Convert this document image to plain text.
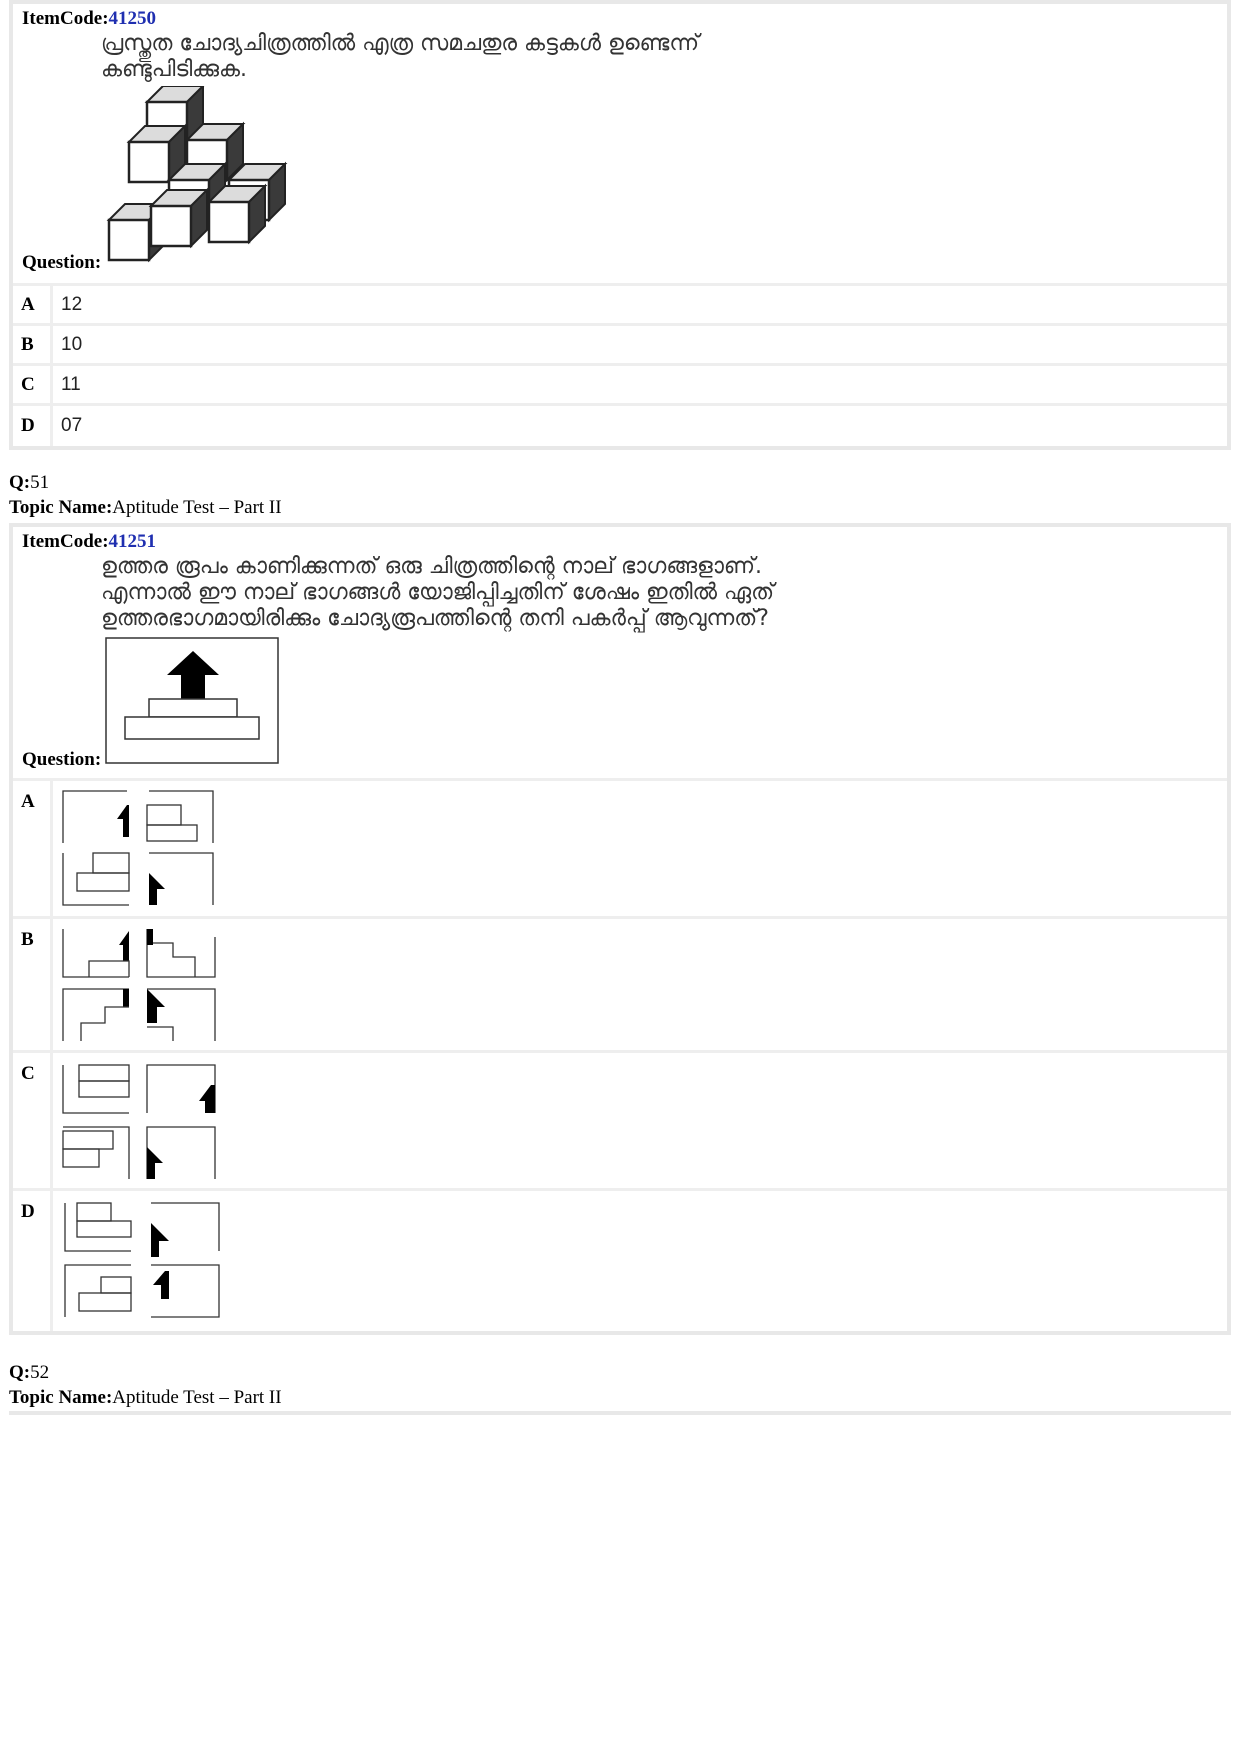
ItemCode:41250
പ്രസ്തുത ചോദ്യചിത്രത്തിൽ എത്ര സമചതുര കട്ടകൾ ഉണ്ടെന്ന്
കണ്ടുപിടിക്കുക.
Question:
A	12
B	10
C	11
D	07
Q:51
Topic Name:Aptitude Test – Part II
ItemCode:41251
ഉത്തര രൂപം കാണിക്കുന്നത് ഒരു ചിത്രത്തിന്റെ നാല് ഭാഗങ്ങളാണ്.
എന്നാൽ ഈ നാല് ഭാഗങ്ങൾ യോജിപ്പിച്ചതിന് ശേഷം ഇതിൽ ഏത്
ഉത്തരഭാഗമായിരിക്കും ചോദ്യരൂപത്തിന്റെ തനി പകർപ്പ് ആവുന്നത്?
Question:
A
B
C
D
Q:52
Topic Name:Aptitude Test – Part II
